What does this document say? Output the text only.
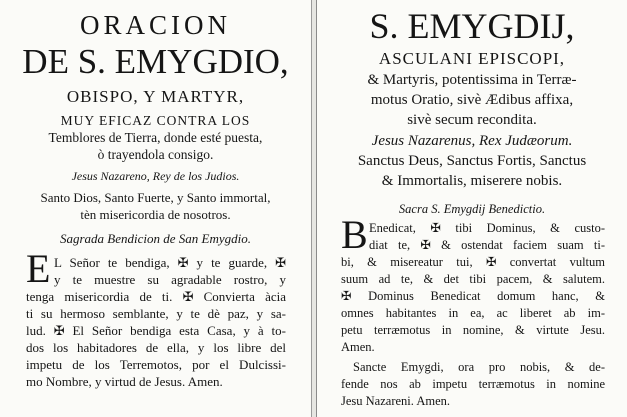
ORACION
DE S. EMYGDIO,
OBISPO, Y MARTYR,
MUY EFICAZ CONTRA LOS
Temblores de Tierra, donde esté puesta,
ò trayendola consigo.
Jesus Nazareno, Rey de los Judios.
Santo Dios, Santo Fuerte, y Santo immortal,
tèn misericordia de nosotros.
Sagrada Bendicion de San Emygdio.
E L Señor te bendiga, ✠ y te guarde, ✠
y te muestre su agradable rostro, y
tenga misericordia de ti. ✠ Convierta àcia
ti su hermoso semblante, y te dè paz, y sa-
lud. ✠ El Señor bendiga esta Casa, y à to-
dos los habitadores de ella, y los libre del
impetu de los Terremotos, por el Dulcissi-
mo Nombre, y virtud de Jesus. Amen.
S. EMYGDIJ,
ASCULANI EPISCOPI,
& Martyris, potentissima in Terræ-
motus Oratio, sivè Ædibus affixa,
sivè secum recondita.
Jesus Nazarenus, Rex Judæorum.
Sanctus Deus, Sanctus Fortis, Sanctus
& Immortalis, miserere nobis.
Sacra S. Emygdij Benedictio.
B Enedicat, ✠ tibi Dominus, & custo-
diat te, ✠ & ostendat faciem suam ti-
bi, & misereatur tui, ✠ convertat vultum
suum ad te, & det tibi pacem, & salutem.
✠ Dominus Benedicat domum hanc, &
omnes habitantes in ea, ac liberet ab im-
petu terræmotus in nomine, & virtute Jesu.
Amen.
Sancte Emygdi, ora pro nobis, & de-
fende nos ab impetu terræmotus in nomine
Jesu Nazareni. Amen.
